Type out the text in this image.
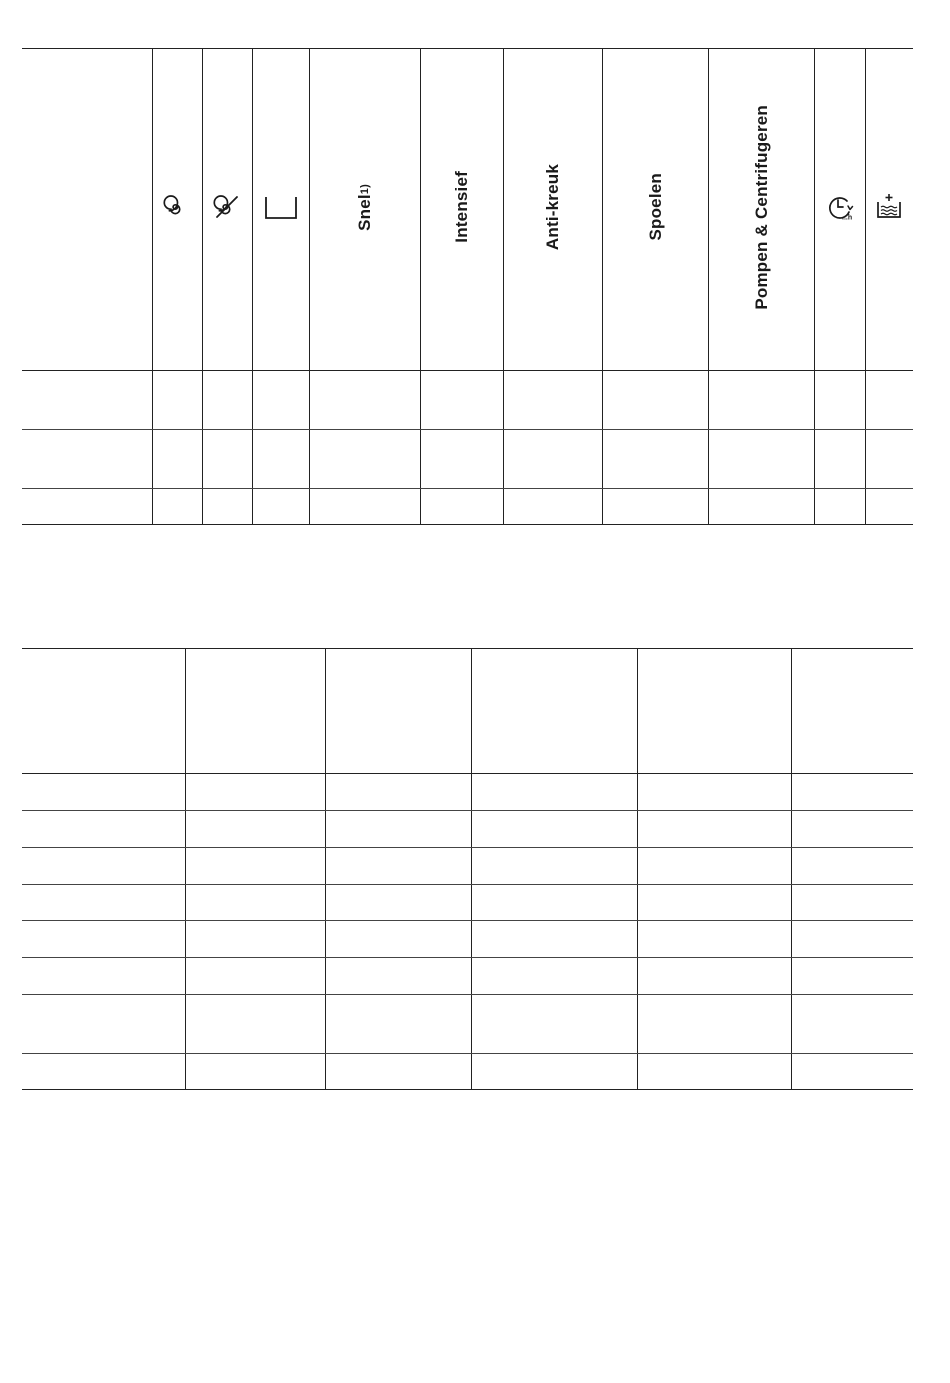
	Snel1)	Intensief	Anti-kreuk	Spoelen	Pompen & Centrifugeren	...h
